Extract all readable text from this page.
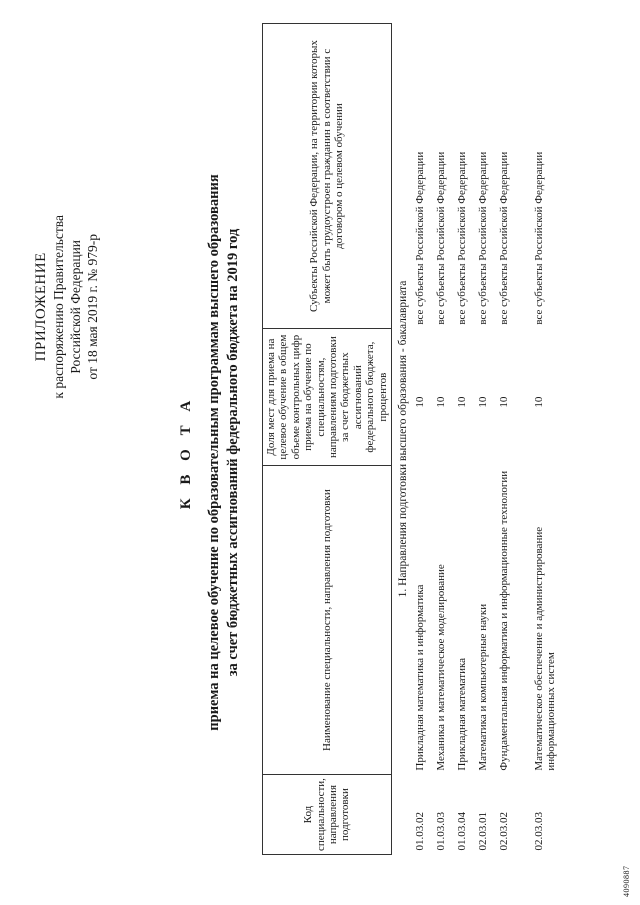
ПРИЛОЖЕНИЕ к распоряжению Правительства Российской Федерации от 18 мая 2019 г. № 979-р
К В О Т А приема на целевое обучение по образовательным программам высшего образования за счет бюджетных ассигнований федерального бюджета на 2019 год
Код специальности, направления подготовки	Наименование специальности, направления подготовки	Доля мест для приема на целевое обучение в общем объеме контрольных цифр приема на обучение по специальностям, направлениям подготовки за счет бюджетных ассигнований федерального бюджета, процентов	Субъекты Российской Федерации, на территории которых может быть трудоустроен гражданин в соответствии с договором о целевом обучении
1. Направления подготовки высшего образования - бакалавриата			
01.03.02	Прикладная математика и информатика	10	все субъекты Российской Федерации
01.03.03	Механика и математическое моделирование	10	все субъекты Российской Федерации
01.03.04	Прикладная математика	10	все субъекты Российской Федерации
02.03.01	Математика и компьютерные науки	10	все субъекты Российской Федерации
02.03.02	Фундаментальная информатика и информационные технологии	10	все субъекты Российской Федерации
02.03.03	Математическое обеспечение и администрирование информационных систем	10	все субъекты Российской Федерации
4090887
